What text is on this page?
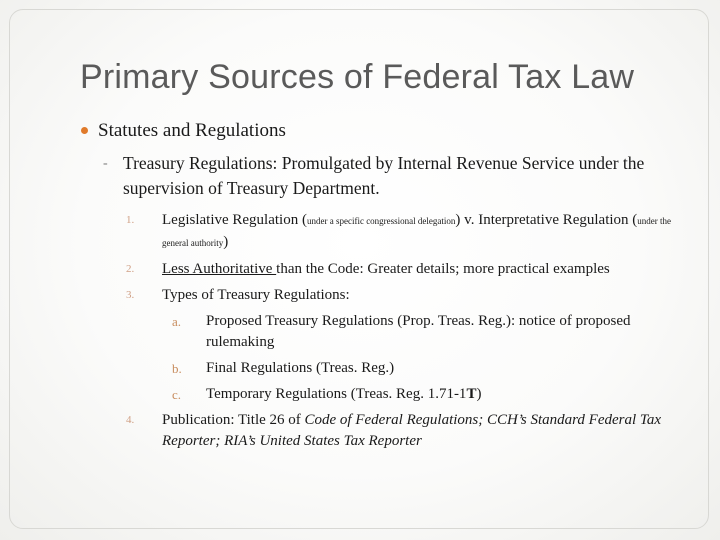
Primary Sources of Federal Tax Law
Statutes and Regulations
- Treasury Regulations: Promulgated by Internal Revenue Service under the supervision of Treasury Department.
1. Legislative Regulation (under a specific congressional delegation) v. Interpretative Regulation (under the general authority)
2. Less Authoritative than the Code: Greater details; more practical examples
3. Types of Treasury Regulations:
a. Proposed Treasury Regulations (Prop. Treas. Reg.): notice of proposed rulemaking
b. Final Regulations (Treas. Reg.)
c. Temporary Regulations (Treas. Reg. 1.71-1T)
4. Publication: Title 26 of Code of Federal Regulations; CCH’s Standard Federal Tax Reporter; RIA’s United States Tax Reporter
